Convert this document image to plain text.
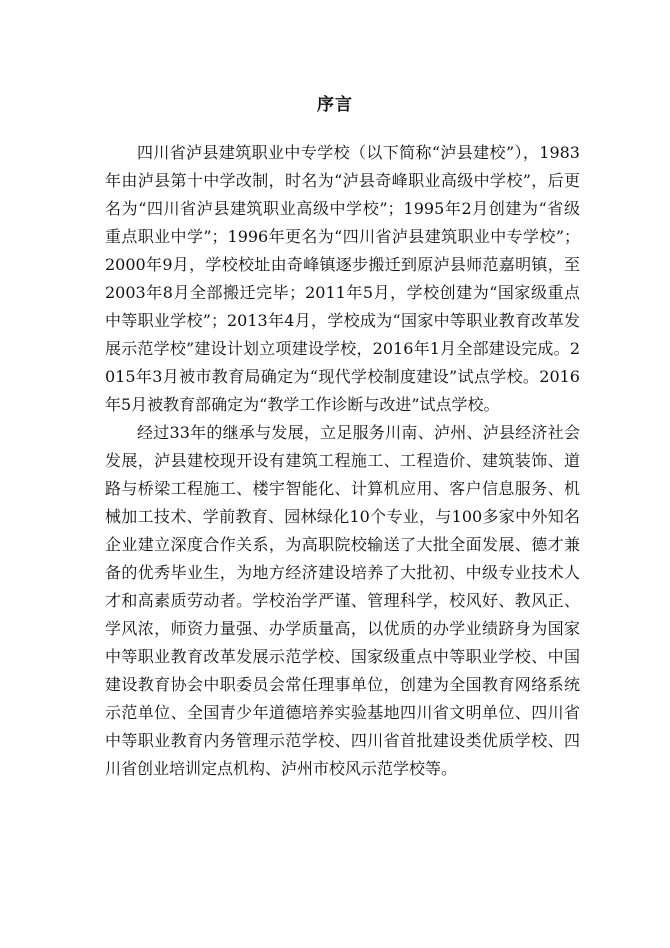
序言

四川省泸县建筑职业中专学校（以下简称“泸县建校”），1983年由泸县第十中学改制，时名为“泸县奇峰职业高级中学校”，后更名为“四川省泸县建筑职业高级中学校”；1995年2月创建为“省级重点职业中学”；1996年更名为“四川省泸县建筑职业中专学校”；2000年9月，学校校址由奇峰镇逐步搬迁到原泸县师范嘉明镇，至2003年8月全部搬迁完毕；2011年5月，学校创建为“国家级重点中等职业学校”；2013年4月，学校成为“国家中等职业教育改革发展示范学校”建设计划立项建设学校，2016年1月全部建设完成。2015年3月被市教育局确定为“现代学校制度建设”试点学校。2016年5月被教育部确定为“教学工作诊断与改进”试点学校。

经过33年的继承与发展，立足服务川南、泸州、泸县经济社会发展，泸县建校现开设有建筑工程施工、工程造价、建筑装饰、道路与桥梁工程施工、楼宇智能化、计算机应用、客户信息服务、机械加工技术、学前教育、园林绿化10个专业，与100多家中外知名企业建立深度合作关系，为高职院校输送了大批全面发展、德才兼备的优秀毕业生，为地方经济建设培养了大批初、中级专业技术人才和高素质劳动者。学校治学严谨、管理科学，校风好、教风正、学风浓，师资力量强、办学质量高，以优质的办学业绩跻身为国家中等职业教育改革发展示范学校、国家级重点中等职业学校、中国建设教育协会中职委员会常任理事单位，创建为全国教育网络系统示范单位、全国青少年道德培养实验基地四川省文明单位、四川省中等职业教育内务管理示范学校、四川省首批建设类优质学校、四川省创业培训定点机构、泸州市校风示范学校等。
